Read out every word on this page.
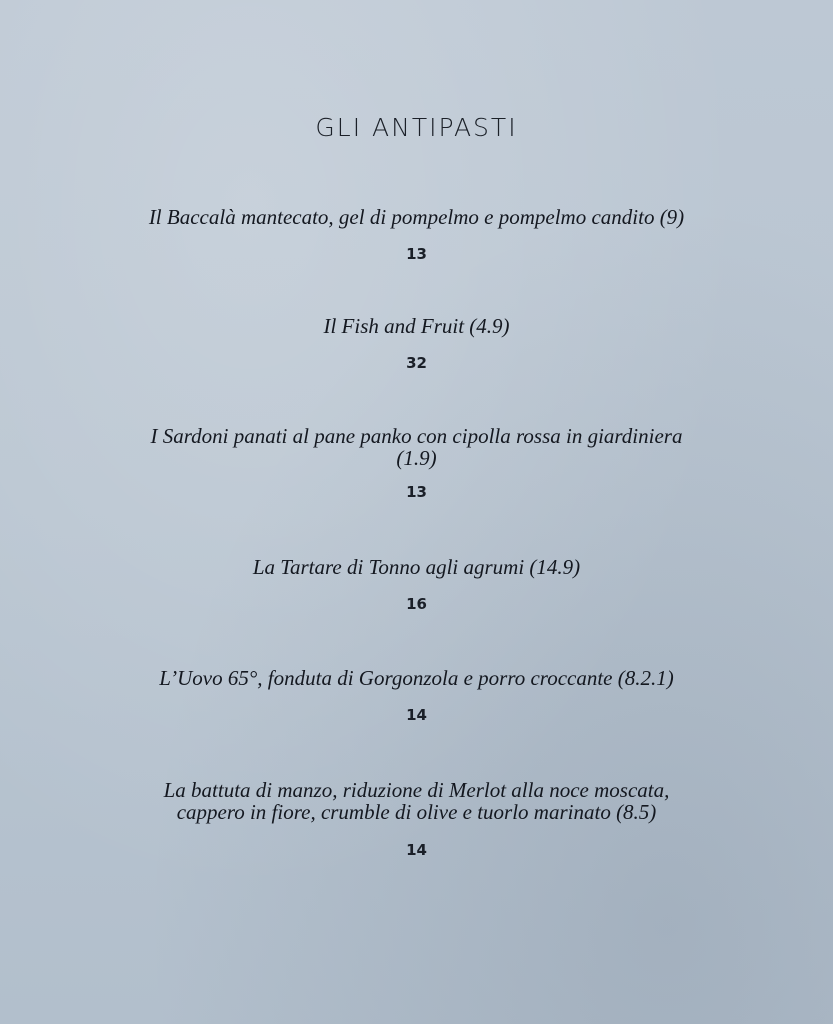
GLI ANTIPASTI
Il Baccalà mantecato, gel di pompelmo e pompelmo candito (9)
13
Il Fish and Fruit (4.9)
32
I Sardoni panati al pane panko con cipolla rossa in giardiniera
(1.9)
13
La Tartare di Tonno agli agrumi (14.9)
16
L’Uovo 65°, fonduta di Gorgonzola e porro croccante (8.2.1)
14
La battuta di manzo, riduzione di Merlot alla noce moscata,
cappero in fiore, crumble di olive e tuorlo marinato (8.5)
14
